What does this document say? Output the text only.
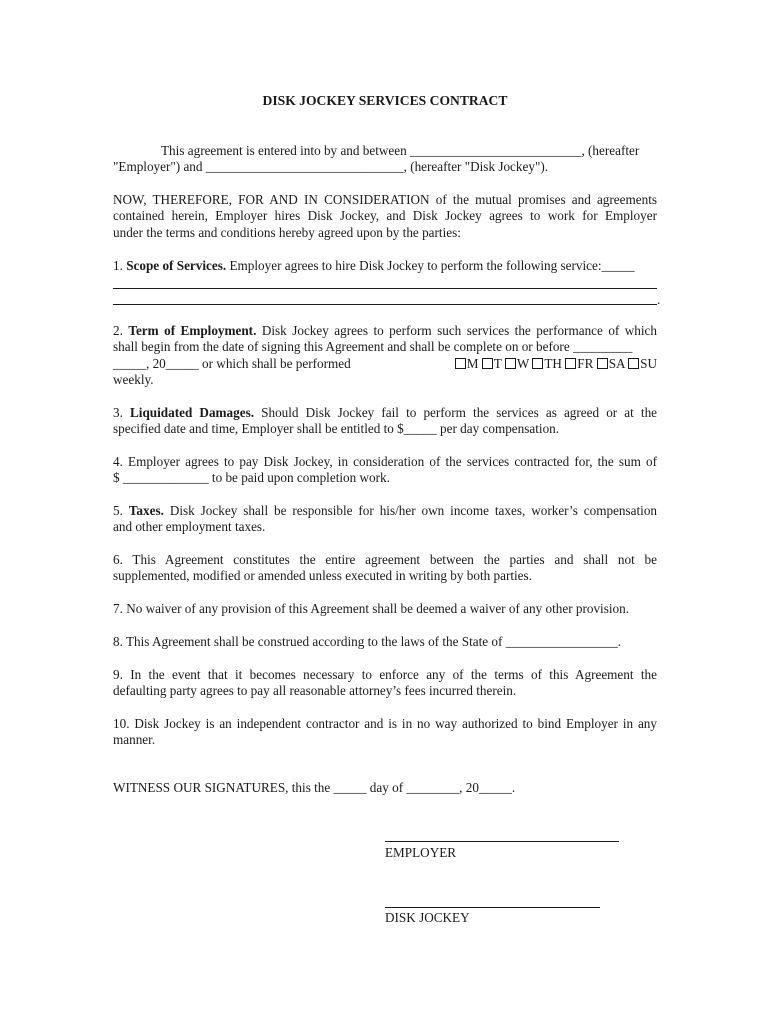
DISK JOCKEY SERVICES CONTRACT
This agreement is entered into by and between __________________________, (hereafter
"Employer") and ______________________________, (hereafter "Disk Jockey").
NOW, THEREFORE, FOR AND IN CONSIDERATION of the mutual promises and agreements
contained herein, Employer hires Disk Jockey, and Disk Jockey agrees to work for Employer
under the terms and conditions hereby agreed upon by the parties:
1. Scope of Services. Employer agrees to hire Disk Jockey to perform the following service:_____
.
2. Term of Employment. Disk Jockey agrees to perform such services the performance of which
shall begin from the date of signing this Agreement and shall be complete on or before _________
_____, 20_____ or which shall be performed	M T W TH FR SA SU
weekly.
3. Liquidated Damages. Should Disk Jockey fail to perform the services as agreed or at the
specified date and time, Employer shall be entitled to $_____ per day compensation.
4. Employer agrees to pay Disk Jockey, in consideration of the services contracted for, the sum of
$ _____________ to be paid upon completion work.
5. Taxes. Disk Jockey shall be responsible for his/her own income taxes, worker’s compensation
and other employment taxes.
6. This Agreement constitutes the entire agreement between the parties and shall not be
supplemented, modified or amended unless executed in writing by both parties.
7. No waiver of any provision of this Agreement shall be deemed a waiver of any other provision.
8. This Agreement shall be construed according to the laws of the State of _________________.
9. In the event that it becomes necessary to enforce any of the terms of this Agreement the
defaulting party agrees to pay all reasonable attorney’s fees incurred therein.
10. Disk Jockey is an independent contractor and is in no way authorized to bind Employer in any
manner.
WITNESS OUR SIGNATURES, this the _____ day of ________, 20_____.
EMPLOYER
DISK JOCKEY
